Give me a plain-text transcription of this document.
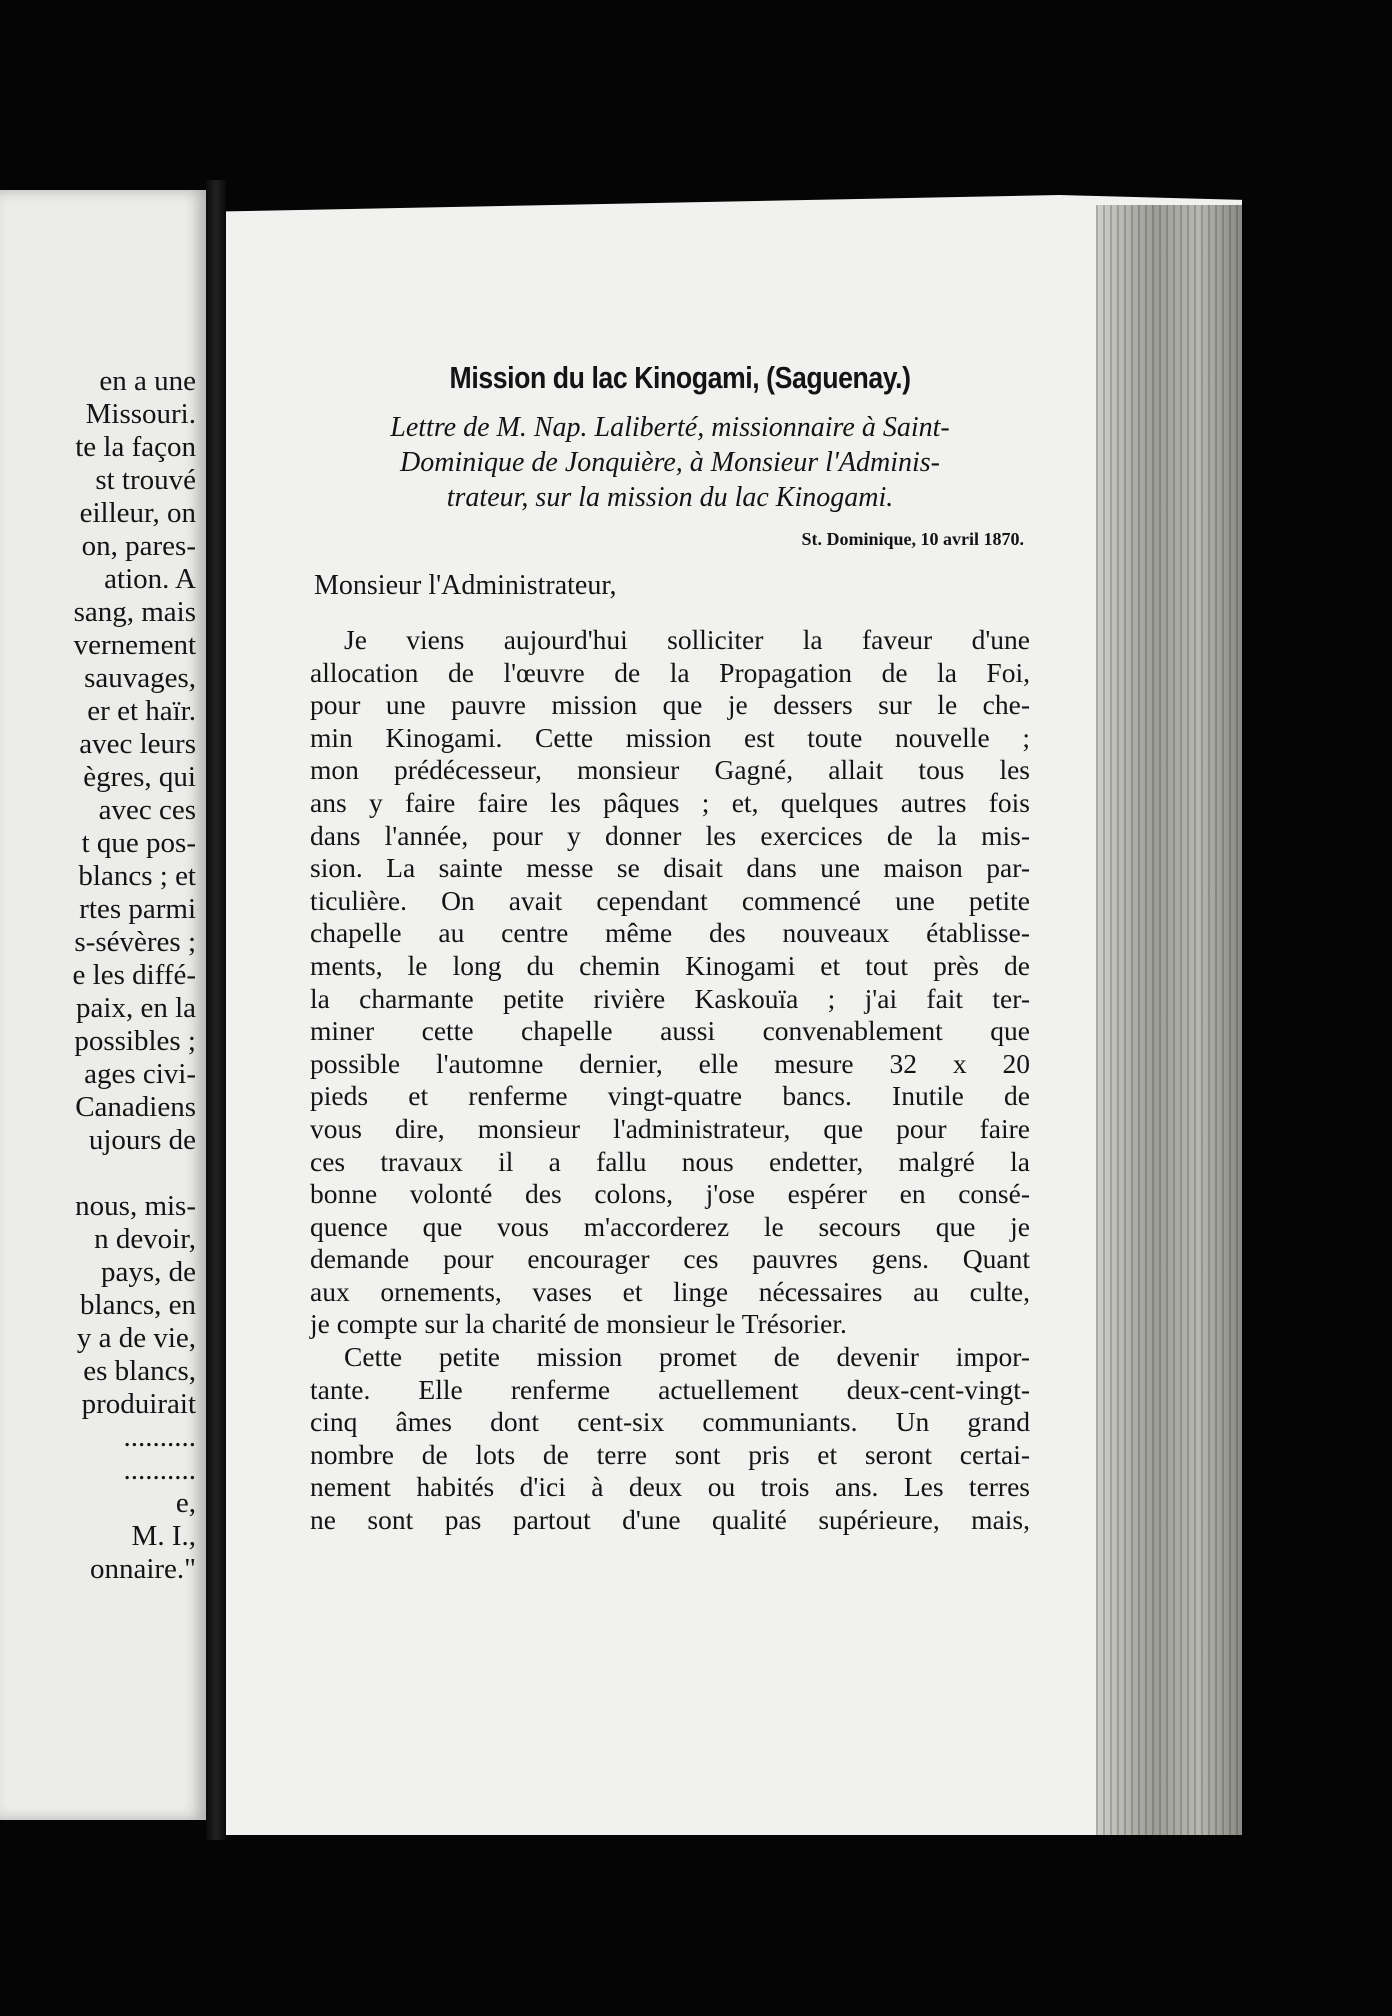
en a une
Missouri.
te la façon
st trouvé
eilleur, on
on, pares-
ation. A
sang, mais
vernement
sauvages,
er et haïr.
avec leurs
ègres, qui
avec ces
t que pos-
blancs ; et
rtes parmi
s-sévères ;
e les diffé-
paix, en la
possibles ;
ages civi-
Canadiens
ujours de
nous, mis-
n devoir,
pays, de
blancs, en
y a de vie,
es blancs,
produirait
..........
..........
e,
M. I.,
onnaire."
Mission du lac Kinogami, (Saguenay.)
Lettre de M. Nap. Laliberté, missionnaire à Saint-
Dominique de Jonquière, à Monsieur l'Adminis-
trateur, sur la mission du lac Kinogami.
St. Dominique, 10 avril 1870.
Monsieur l'Administrateur,
Je viens aujourd'hui solliciter la faveur d'une
allocation de l'œuvre de la Propagation de la Foi,
pour une pauvre mission que je dessers sur le che-
min Kinogami. Cette mission est toute nouvelle ;
mon prédécesseur, monsieur Gagné, allait tous les
ans y faire faire les pâques ; et, quelques autres fois
dans l'année, pour y donner les exercices de la mis-
sion. La sainte messe se disait dans une maison par-
ticulière. On avait cependant commencé une petite
chapelle au centre même des nouveaux établisse-
ments, le long du chemin Kinogami et tout près de
la charmante petite rivière Kaskouïa ; j'ai fait ter-
miner cette chapelle aussi convenablement que
possible l'automne dernier, elle mesure 32 x 20
pieds et renferme vingt-quatre bancs. Inutile de
vous dire, monsieur l'administrateur, que pour faire
ces travaux il a fallu nous endetter, malgré la
bonne volonté des colons, j'ose espérer en consé-
quence que vous m'accorderez le secours que je
demande pour encourager ces pauvres gens. Quant
aux ornements, vases et linge nécessaires au culte,
je compte sur la charité de monsieur le Trésorier.
Cette petite mission promet de devenir impor-
tante. Elle renferme actuellement deux-cent-vingt-
cinq âmes dont cent-six communiants. Un grand
nombre de lots de terre sont pris et seront certai-
nement habités d'ici à deux ou trois ans. Les terres
ne sont pas partout d'une qualité supérieure, mais,
